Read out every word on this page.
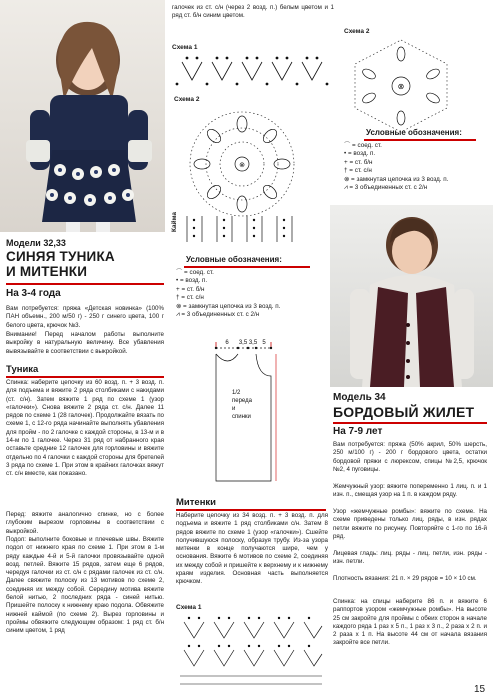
галочек из ст. с/н (через 2 возд. п.) белым цветом и 1 ряд ст. б/н синим цветом.
Схема 1
Схема 2
⊗
Кайма
⊗
Схема 2
Условные обозначения:
⌒ = соед. ст.
• = возд. п.
+ = ст. б/н
† = ст. с/н
⊗ = замкнутая цепочка из 3 возд. п.
⩘ = 3 объединенных ст. с 2/н
Модели 32,33
СИНЯЯ ТУНИКА
И МИТЕНКИ
На 3-4 года
Вам потребуется: пряжа «Детская новинка» (100% ПАН объемн., 200 м/50 г) - 250 г синего цвета, 100 г белого цвета, крючок №3.
Внимание! Перед началом работы выполните выкройку в натуральную величину. Все убавления вывязывайте в соответствии с выкройкой.
Туника
Спинка: наберите цепочку из 60 возд. п. + 3 возд. п. для подъема и вяжите 2 ряда столбиками с накидами (ст. с/н). Затем вяжите 1 ряд по схеме 1 (узор «галочки»). Снова вяжите 2 ряда ст. с/н. Далее 11 рядов по схеме 1 (28 галочек). Продолжайте вязать по схеме 1, с 12-го ряда начинайте выполнять убавления для пройм - по 2 галочке с каждой стороны, в 13-м и в 14-м по 1 галочке. Через 31 ряд от набранного края оставьте средние 12 галочек для горловины и вяжите отдельно по 4 галочки с каждой стороны для бретелей 3 ряда по схеме 1. При этом в крайних галочках вяжут ст. с/н вместе, как показано.
Перед: вяжите аналогично спинке, но с более глубоким вырезом горловины в соответствии с выкройкой.
Подол: выполните боковые и плечевые швы. Вяжите подол от нижнего края по схеме 1. При этом в 1-м ряду каждые 4-й и 5-й галочки провязывайте одной возд. петлей. Вяжите 15 рядов, затем еще 6 рядов, чередуя галочки из ст. с/н с рядами галочек из ст. с/н. Далее свяжите полоску из 13 мотивов по схеме 2, соединяя их между собой. Середину мотива вяжите белой нитью, 2 последних ряда - синей нитью. Пришейте полоску к нижнему краю подола. Обвяжите нижней каймой (по схеме 2). Вырез горловины и проймы обвяжите следующим образом: 1 ряд ст. б/н синим цветом, 1 ряд
Условные обозначения:
⌒ = соед. ст.
• = возд. п.
+ = ст. б/н
† = ст. с/н
⊗ = замкнутая цепочка из 3 возд. п.
⩘ = 3 объединенных ст. с 2/н
6 3,5 3,5 5
1/2
переда
и
спинки
Митенки
Наберите цепочку из 34 возд. п. + 3 возд. п. для подъема и вяжите 1 ряд столбиками с/н. Затем 8 рядов вяжите по схеме 1 (узор «галочки»). Сшейте получившуюся полоску, образуя трубу. Из-за узора митенки в конце получаются шире, чем у основания. Вяжите 6 мотивов по схеме 2, соединяя их между собой и пришейте к верхнему и к нижнему краям изделия. Основная часть выполняется крючком.
Схема 1
Модель 34
БОРДОВЫЙ ЖИЛЕТ
На 7-9 лет
Вам потребуется: пряжа (50% акрил, 50% шерсть, 250 м/100 г) - 200 г бордового цвета, остатки бордовой пряжи с люрексом, спицы №2,5, крючок №2, 4 пуговицы.
Жемчужный узор: вяжите попеременно 1 лиц. п. и 1 изн. п., смещая узор на 1 п. в каждом ряду.
Узор «жемчужные ромбы»: вяжите по схеме. На схеме приведены только лиц. ряды, в изн. рядах петли вяжите по рисунку. Повторяйте с 1-го по 16-й ряд.
Лицевая гладь: лиц. ряды - лиц. петли, изн. ряды - изн. петли.
Плотность вязания: 21 п. × 29 рядов = 10 × 10 см.
Спинка: на спицы наберите 86 п. и вяжите 6 раппортов узором «жемчужные ромбы». На высоте 25 см закройте для проймы с обеих сторон в начале каждого ряда 1 раз х 5 п., 1 раз х 3 п., 2 раза х 2 п. и 2 раза х 1 п. На высоте 44 см от начала вязания закройте все петли.
15
